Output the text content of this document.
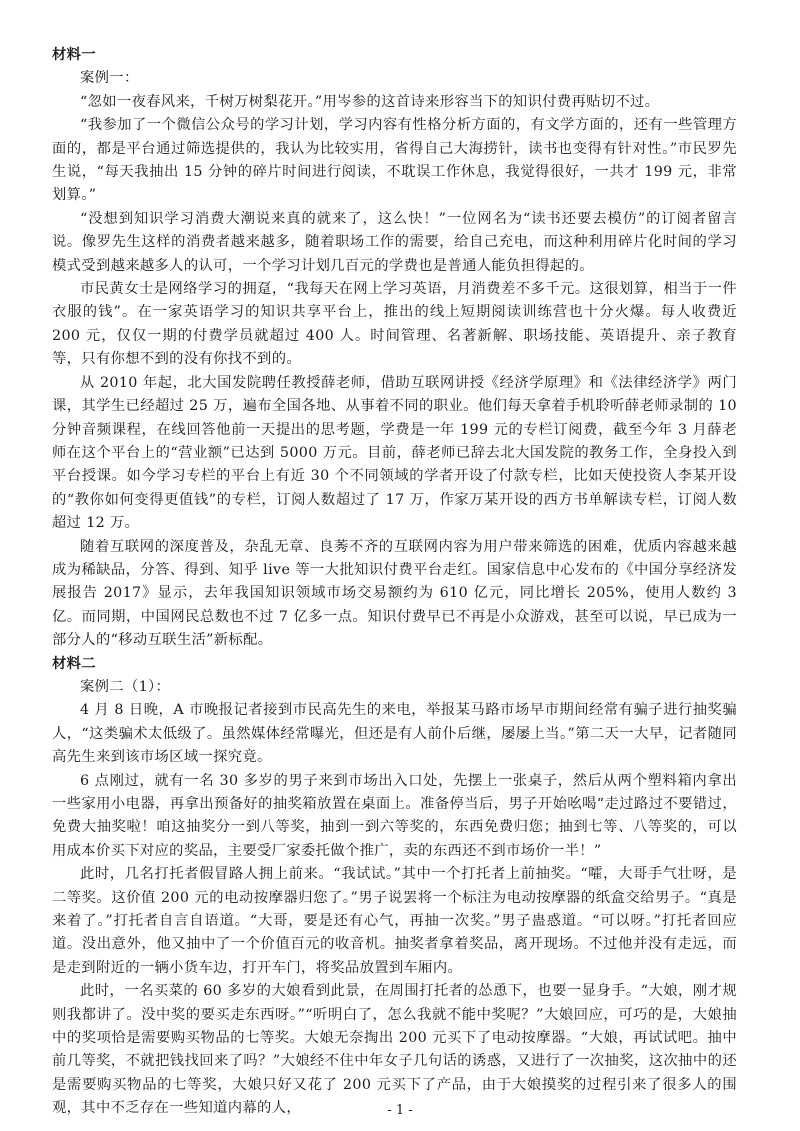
材料一

案例一：

“忽如一夜春风来，千树万树梨花开。”用岑参的这首诗来形容当下的知识付费再贴切不过。

“我参加了一个微信公众号的学习计划，学习内容有性格分析方面的，有文学方面的，还有一些管理方面的，都是平台通过筛选提供的，我认为比较实用，省得自己大海捞针，读书也变得有针对性。”市民罗先生说，“每天我抽出 15 分钟的碎片时间进行阅读，不耽误工作休息，我觉得很好，一共才 199 元，非常划算。”

“没想到知识学习消费大潮说来真的就来了，这么快！”一位网名为“读书还要去模仿”的订阅者留言说。像罗先生这样的消费者越来越多，随着职场工作的需要，给自己充电，而这种利用碎片化时间的学习模式受到越来越多人的认可，一个学习计划几百元的学费也是普通人能负担得起的。

市民黄女士是网络学习的拥趸，“我每天在网上学习英语，月消费差不多千元。这很划算，相当于一件衣服的钱”。在一家英语学习的知识共享平台上，推出的线上短期阅读训练营也十分火爆。每人收费近 200 元，仅仅一期的付费学员就超过 400 人。时间管理、名著新解、职场技能、英语提升、亲子教育等，只有你想不到的没有你找不到的。

从 2010 年起，北大国发院聘任教授薛老师，借助互联网讲授《经济学原理》和《法律经济学》两门课，其学生已经超过 25 万，遍布全国各地、从事着不同的职业。他们每天拿着手机聆听薛老师录制的 10 分钟音频课程，在线回答他前一天提出的思考题，学费是一年 199 元的专栏订阅费，截至今年 3 月薛老师在这个平台上的“营业额”已达到 5000 万元。目前，薛老师已辞去北大国发院的教务工作，全身投入到平台授课。如今学习专栏的平台上有近 30 个不同领域的学者开设了付款专栏，比如天使投资人李某开设的“教你如何变得更值钱”的专栏，订阅人数超过了 17 万，作家万某开设的西方书单解读专栏，订阅人数超过 12 万。

随着互联网的深度普及，杂乱无章、良莠不齐的互联网内容为用户带来筛选的困难，优质内容越来越成为稀缺品，分答、得到、知乎 live 等一大批知识付费平台走红。国家信息中心发布的《中国分享经济发展报告 2017》显示，去年我国知识领域市场交易额约为 610 亿元，同比增长 205%，使用人数约 3 亿。而同期，中国网民总数也不过 7 亿多一点。知识付费早已不再是小众游戏，甚至可以说，早已成为一部分人的“移动互联生活”新标配。

材料二

案例二（1）：

4 月 8 日晚，A 市晚报记者接到市民高先生的来电，举报某马路市场早市期间经常有骗子进行抽奖骗人，“这类骗术太低级了。虽然媒体经常曝光，但还是有人前仆后继，屡屡上当。”第二天一大早，记者随同高先生来到该市场区域一探究竟。

6 点刚过，就有一名 30 多岁的男子来到市场出入口处，先摆上一张桌子，然后从两个塑料箱内拿出一些家用小电器，再拿出预备好的抽奖箱放置在桌面上。准备停当后，男子开始吆喝“走过路过不要错过，免费大抽奖啦！咱这抽奖分一到八等奖，抽到一到六等奖的，东西免费归您；抽到七等、八等奖的，可以用成本价买下对应的奖品，主要受厂家委托做个推广，卖的东西还不到市场价一半！”

此时，几名打托者假冒路人拥上前来。“我试试。”其中一个打托者上前抽奖。“嚯，大哥手气壮呀，是二等奖。这价值 200 元的电动按摩器归您了。”男子说罢将一个标注为电动按摩器的纸盒交给男子。“真是来着了。”打托者自言自语道。“大哥，要是还有心气，再抽一次奖。”男子蛊惑道。“可以呀。”打托者回应道。没出意外，他又抽中了一个价值百元的收音机。抽奖者拿着奖品，离开现场。不过他并没有走远，而是走到附近的一辆小货车边，打开车门，将奖品放置到车厢内。

此时，一名买菜的 60 多岁的大娘看到此景，在周围打托者的怂恿下，也要一显身手。“大娘，刚才规则我都讲了。没中奖的要买走东西呀。”“听明白了，怎么我就不能中奖呢？”大娘回应，可巧的是，大娘抽中的奖项恰是需要购买物品的七等奖。大娘无奈掏出 200 元买下了电动按摩器。“大娘，再试试吧。抽中前几等奖，不就把钱找回来了吗？”大娘经不住中年女子几句话的诱惑，又进行了一次抽奖，这次抽中的还是需要购买物品的七等奖，大娘只好又花了 200 元买下了产品，由于大娘摸奖的过程引来了很多人的围观，其中不乏存在一些知道内幕的人，	- 1 -
